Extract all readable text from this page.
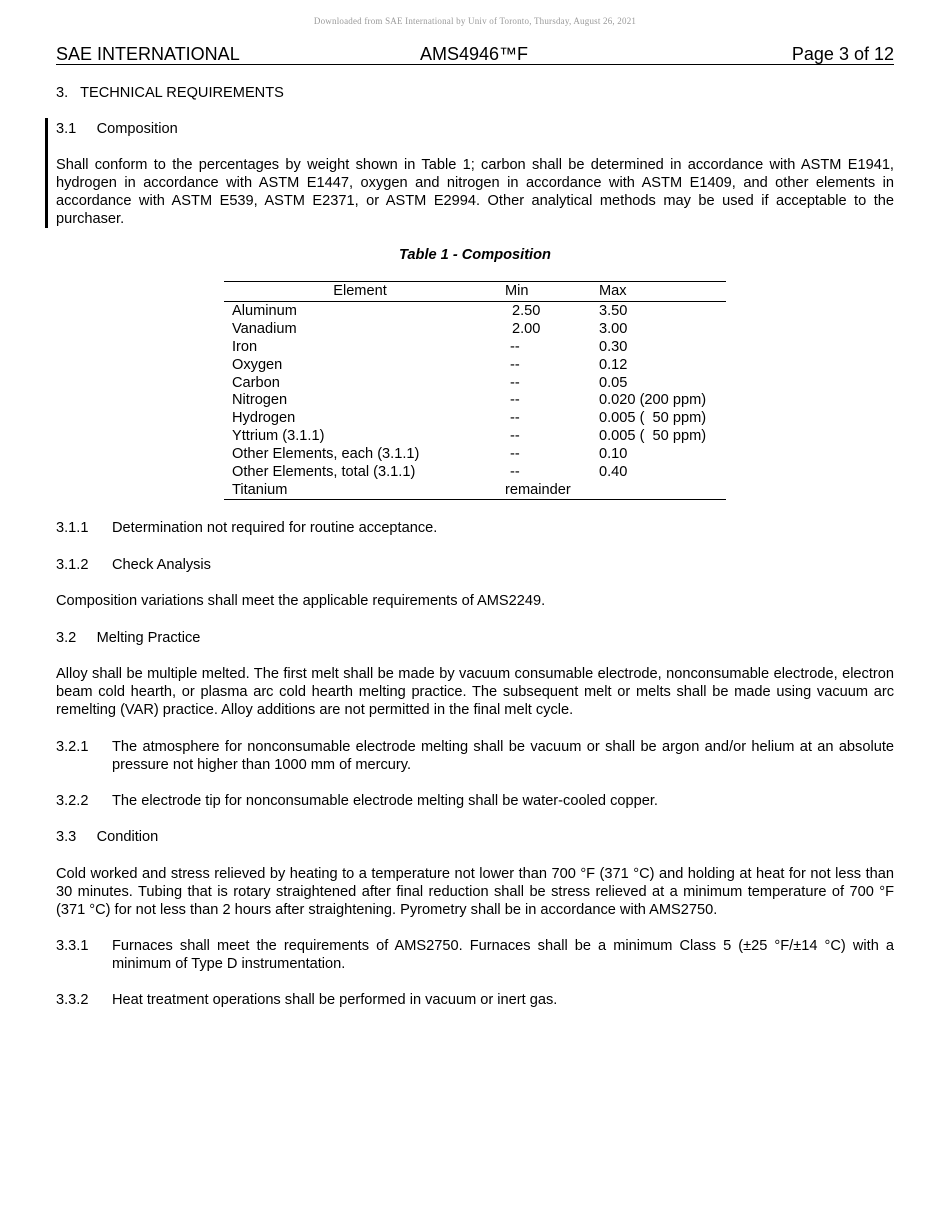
Downloaded from SAE International by Univ of Toronto, Thursday, August 26, 2021
SAE INTERNATIONAL	AMS4946™F	Page 3 of 12
3. TECHNICAL REQUIREMENTS
3.1 Composition
Shall conform to the percentages by weight shown in Table 1; carbon shall be determined in accordance with ASTM E1941, hydrogen in accordance with ASTM E1447, oxygen and nitrogen in accordance with ASTM E1409, and other elements in accordance with ASTM E539, ASTM E2371, or ASTM E2994. Other analytical methods may be used if acceptable to the purchaser.
Table 1 - Composition
Element	Min	Max
Aluminum	2.50	3.50
Vanadium	2.00	3.00
Iron	--	0.30
Oxygen	--	0.12
Carbon	--	0.05
Nitrogen	--	0.020 (200 ppm)
Hydrogen	--	0.005 (  50 ppm)
Yttrium (3.1.1)	--	0.005 (  50 ppm)
Other Elements, each (3.1.1)	--	0.10
Other Elements, total (3.1.1)	--	0.40
Titanium	remainder
3.1.1 Determination not required for routine acceptance.
3.1.2 Check Analysis
Composition variations shall meet the applicable requirements of AMS2249.
3.2 Melting Practice
Alloy shall be multiple melted. The first melt shall be made by vacuum consumable electrode, nonconsumable electrode, electron beam cold hearth, or plasma arc cold hearth melting practice. The subsequent melt or melts shall be made using vacuum arc remelting (VAR) practice. Alloy additions are not permitted in the final melt cycle.
3.2.1 The atmosphere for nonconsumable electrode melting shall be vacuum or shall be argon and/or helium at an absolute pressure not higher than 1000 mm of mercury.
3.2.2 The electrode tip for nonconsumable electrode melting shall be water-cooled copper.
3.3 Condition
Cold worked and stress relieved by heating to a temperature not lower than 700 °F (371 °C) and holding at heat for not less than 30 minutes. Tubing that is rotary straightened after final reduction shall be stress relieved at a minimum temperature of 700 °F (371 °C) for not less than 2 hours after straightening. Pyrometry shall be in accordance with AMS2750.
3.3.1 Furnaces shall meet the requirements of AMS2750. Furnaces shall be a minimum Class 5 (±25 °F/±14 °C) with a minimum of Type D instrumentation.
3.3.2 Heat treatment operations shall be performed in vacuum or inert gas.
